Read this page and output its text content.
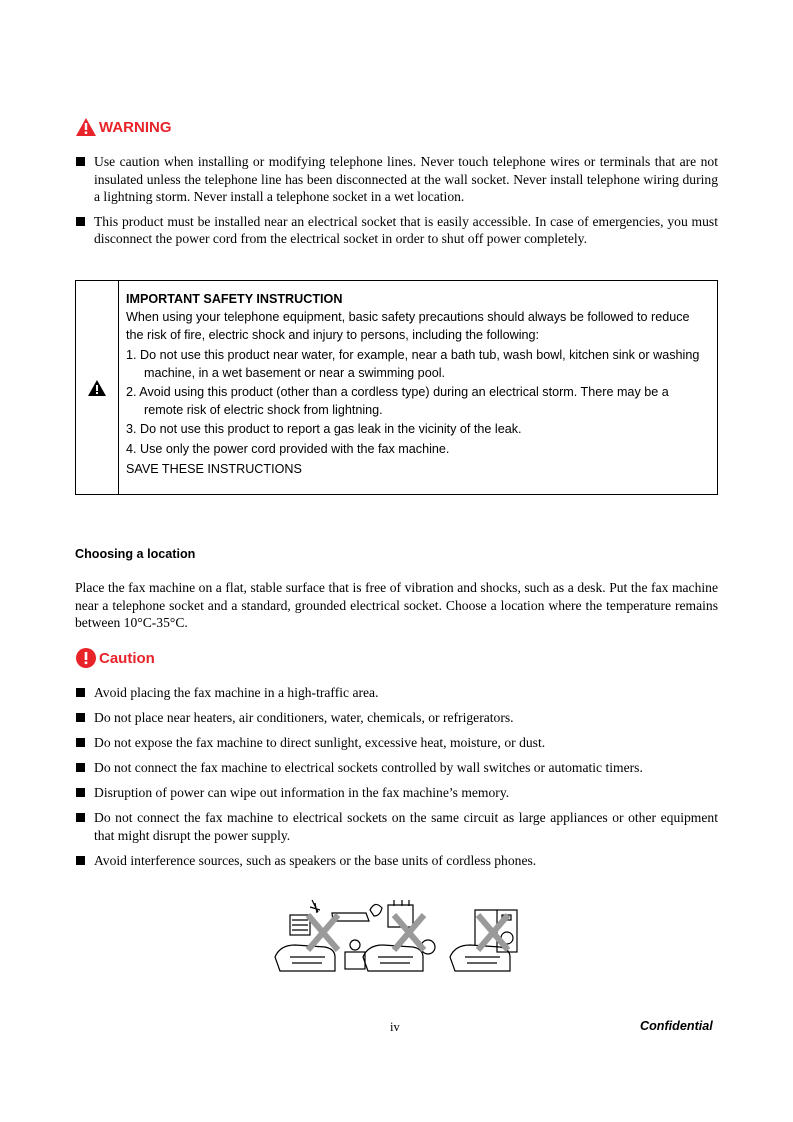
WARNING
Use caution when installing or modifying telephone lines. Never touch telephone wires or terminals that are not insulated unless the telephone line has been disconnected at the wall socket. Never install telephone wiring during a lightning storm. Never install a telephone socket in a wet location.
This product must be installed near an electrical socket that is easily accessible. In case of emergencies, you must disconnect the power cord from the electrical socket in order to shut off power completely.
IMPORTANT SAFETY INSTRUCTION
When using your telephone equipment, basic safety precautions should always be followed to reduce the risk of fire, electric shock and injury to persons, including the following:
1. Do not use this product near water, for example, near a bath tub, wash bowl, kitchen sink or washing machine, in a wet basement or near a swimming pool.
2. Avoid using this product (other than a cordless type) during an electrical storm. There may be a remote risk of electric shock from lightning.
3. Do not use this product to report a gas leak in the vicinity of the leak.
4. Use only the power cord provided with the fax machine.
SAVE THESE INSTRUCTIONS
Choosing a location
Place the fax machine on a flat, stable surface that is free of vibration and shocks, such as a desk. Put the fax machine near a telephone socket and a standard, grounded electrical socket. Choose a location where the temperature remains between 10°C-35°C.
Caution
Avoid placing the fax machine in a high-traffic area.
Do not place near heaters, air conditioners, water, chemicals, or refrigerators.
Do not expose the fax machine to direct sunlight, excessive heat, moisture, or dust.
Do not connect the fax machine to electrical sockets controlled by wall switches or automatic timers.
Disruption of power can wipe out information in the fax machine’s memory.
Do not connect the fax machine to electrical sockets on the same circuit as large appliances or other equipment that might disrupt the power supply.
Avoid interference sources, such as speakers or the base units of cordless phones.
iv	Confidential
